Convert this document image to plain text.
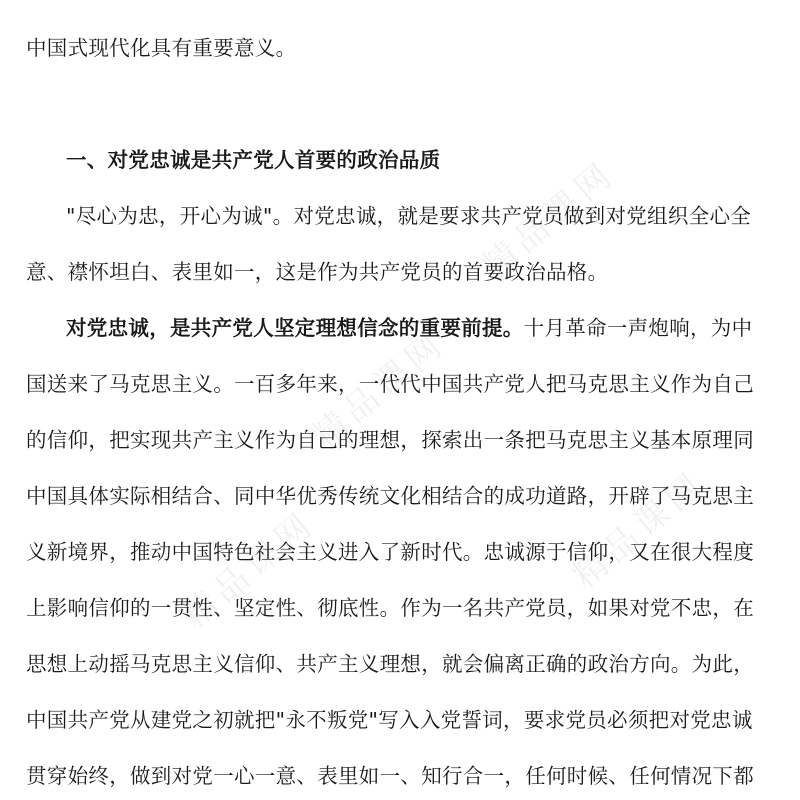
精品课网
精品课网
精品课网	精品课网
中国式现代化具有重要意义。
一、对党忠诚是共产党人首要的政治品质
"尽心为忠，开心为诚"。对党忠诚，就是要求共产党员做到对党组织全心全
意、襟怀坦白、表里如一，这是作为共产党员的首要政治品格。
对党忠诚，是共产党人坚定理想信念的重要前提。十月革命一声炮响，为中
国送来了马克思主义。一百多年来，一代代中国共产党人把马克思主义作为自己
的信仰，把实现共产主义作为自己的理想，探索出一条把马克思主义基本原理同
中国具体实际相结合、同中华优秀传统文化相结合的成功道路，开辟了马克思主
义新境界，推动中国特色社会主义进入了新时代。忠诚源于信仰，又在很大程度
上影响信仰的一贯性、坚定性、彻底性。作为一名共产党员，如果对党不忠，在
思想上动摇马克思主义信仰、共产主义理想，就会偏离正确的政治方向。为此，
中国共产党从建党之初就把"永不叛党"写入入党誓词，要求党员必须把对党忠诚
贯穿始终，做到对党一心一意、表里如一、知行合一，任何时候、任何情况下都
